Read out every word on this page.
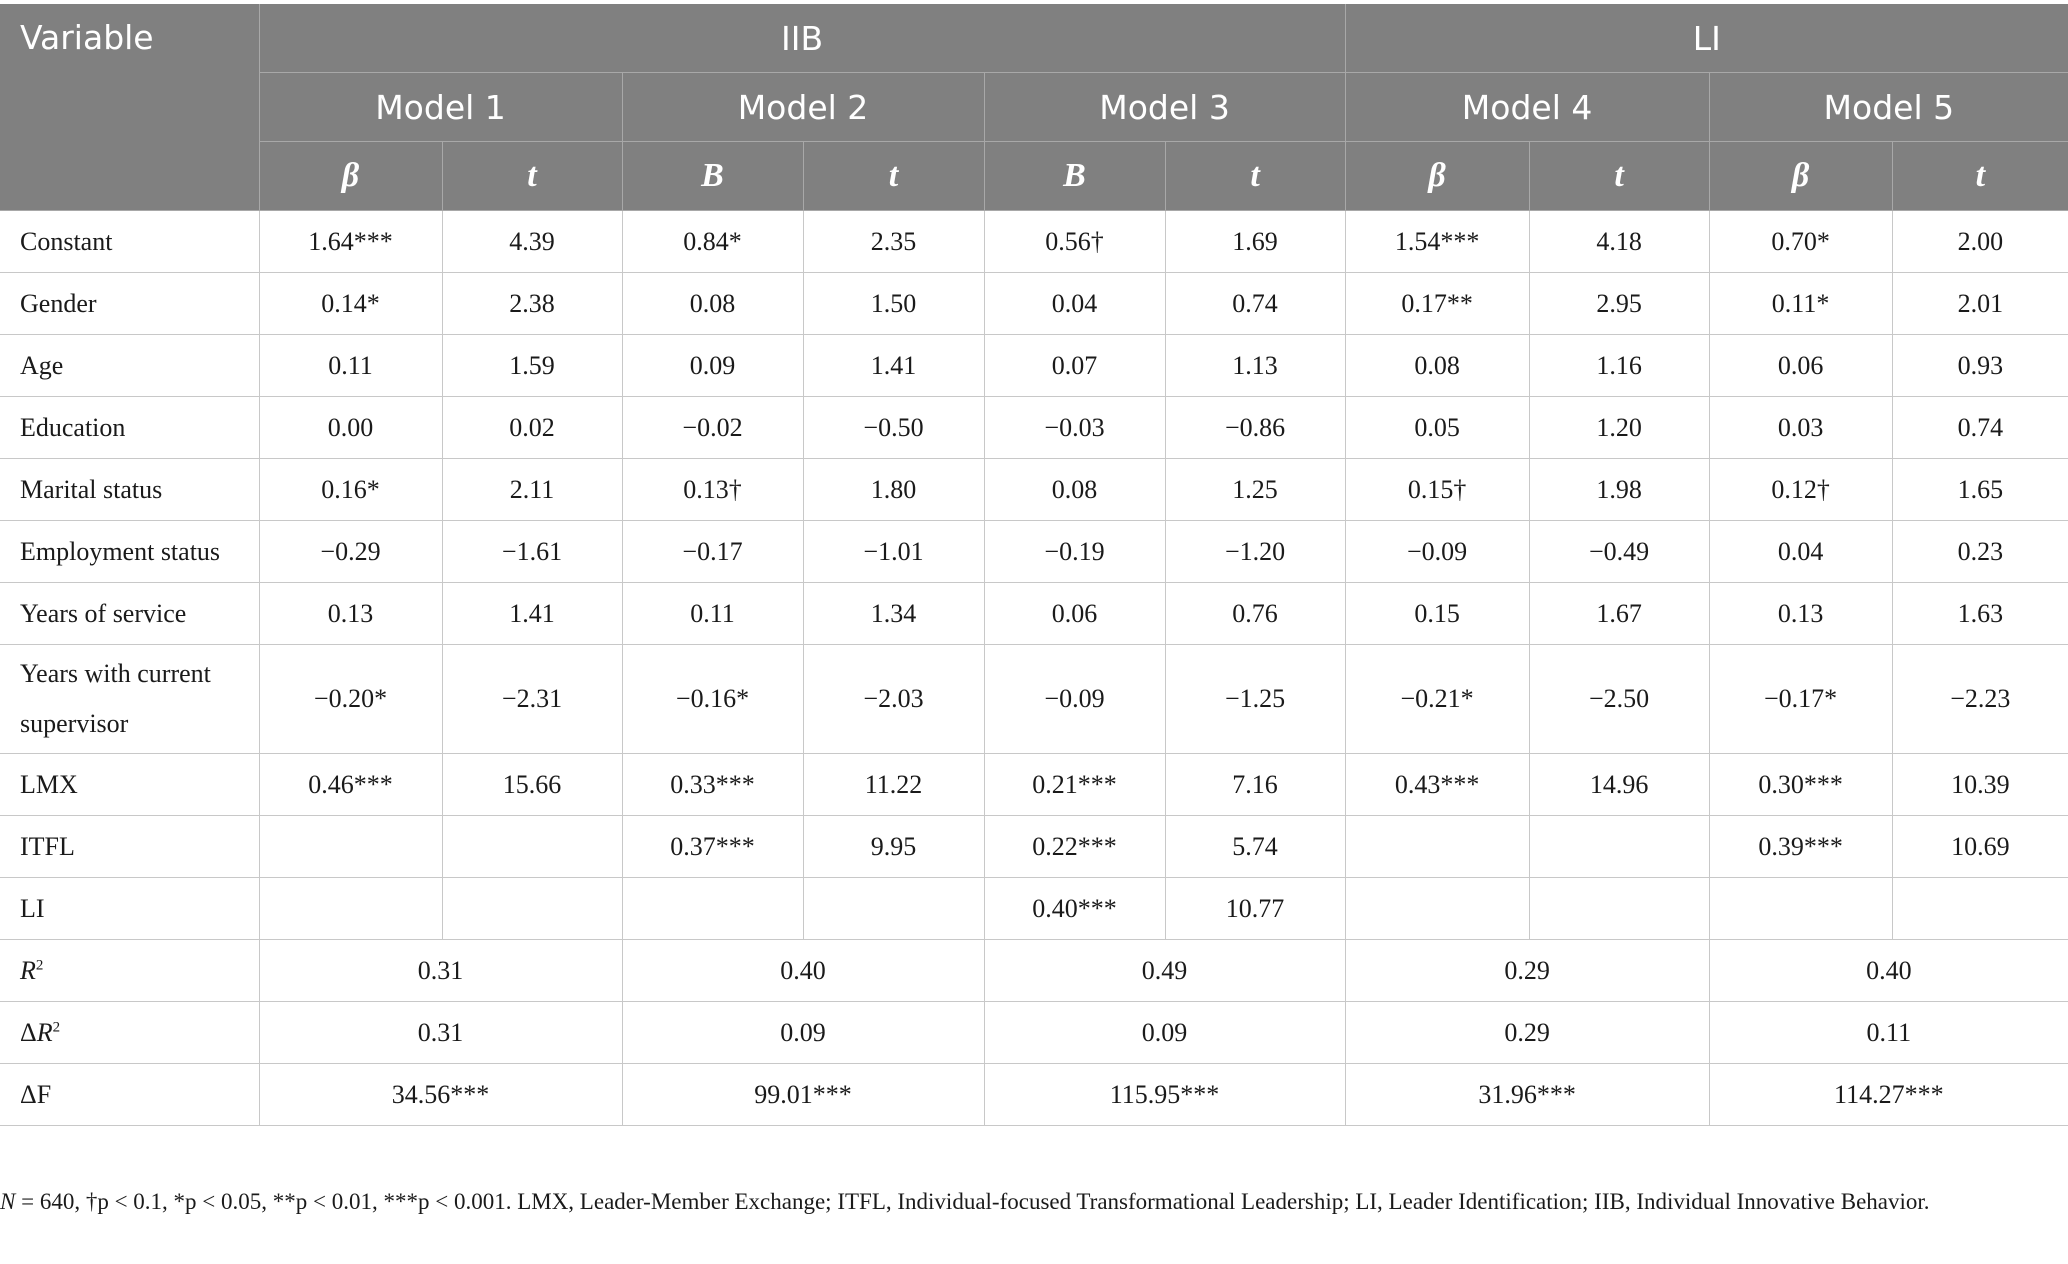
Variable	IIB						LI			
	Model 1		Model 2		Model 3		Model 4		Model 5	
	β	t	B	t	B	t	β	t	β	t
Constant	1.64***	4.39	0.84*	2.35	0.56†	1.69	1.54***	4.18	0.70*	2.00
Gender	0.14*	2.38	0.08	1.50	0.04	0.74	0.17**	2.95	0.11*	2.01
Age	0.11	1.59	0.09	1.41	0.07	1.13	0.08	1.16	0.06	0.93
Education	0.00	0.02	−0.02	−0.50	−0.03	−0.86	0.05	1.20	0.03	0.74
Marital status	0.16*	2.11	0.13†	1.80	0.08	1.25	0.15†	1.98	0.12†	1.65
Employment status	−0.29	−1.61	−0.17	−1.01	−0.19	−1.20	−0.09	−0.49	0.04	0.23
Years of service	0.13	1.41	0.11	1.34	0.06	0.76	0.15	1.67	0.13	1.63
Years with current supervisor	−0.20*	−2.31	−0.16*	−2.03	−0.09	−1.25	−0.21*	−2.50	−0.17*	−2.23
LMX	0.46***	15.66	0.33***	11.22	0.21***	7.16	0.43***	14.96	0.30***	10.39
ITFL			0.37***	9.95	0.22***	5.74			0.39***	10.69
LI					0.40***	10.77				
$R^2$	0.31		0.40		0.49		0.29		0.40	
$\Delta R^2$	0.31		0.09		0.09		0.29		0.11	
ΔF	34.56***		99.01***		115.95***		31.96***		114.27***	
N = 640, †p < 0.1, *p < 0.05, **p < 0.01, ***p < 0.001. LMX, Leader-Member Exchange; ITFL, Individual-focused Transformational Leadership; LI, Leader Identification; IIB, Individual Innovative Behavior.
